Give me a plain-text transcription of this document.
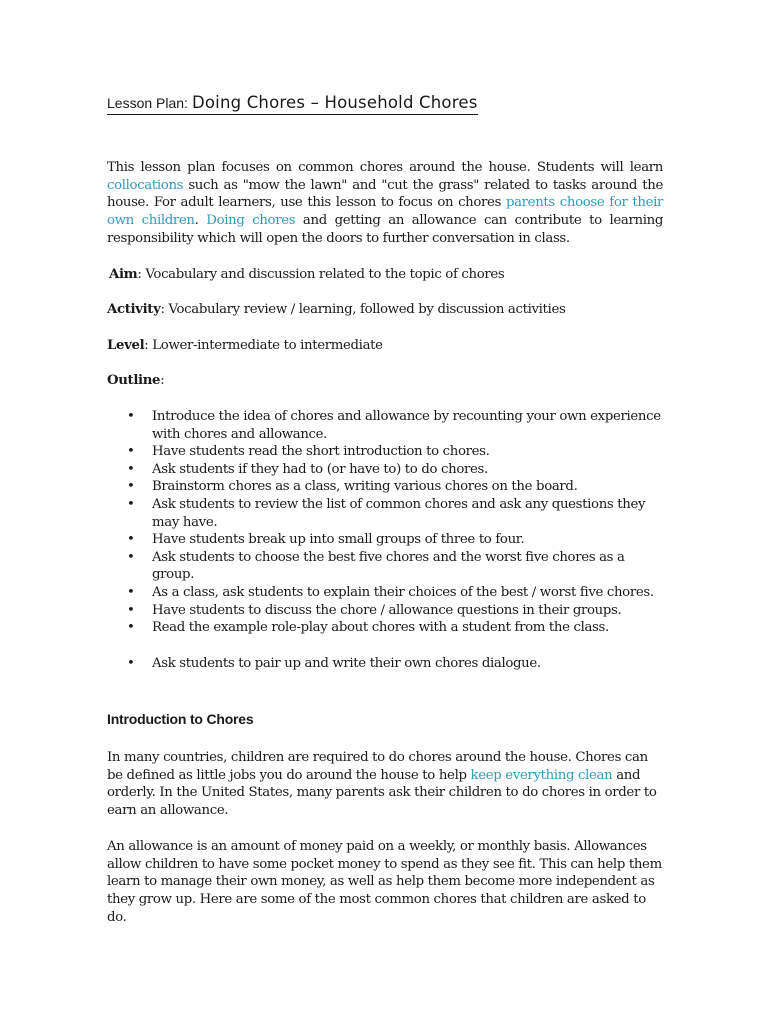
Lesson Plan: Doing Chores – Household Chores
This lesson plan focuses on common chores around the house. Students will learn collocations such as "mow the lawn" and "cut the grass" related to tasks around the house. For adult learners, use this lesson to focus on chores parents choose for their own children. Doing chores and getting an allowance can contribute to learning responsibility which will open the doors to further conversation in class.
Aim: Vocabulary and discussion related to the topic of chores
Activity: Vocabulary review / learning, followed by discussion activities
Level: Lower-intermediate to intermediate
Outline:
• Introduce the idea of chores and allowance by recounting your own experience with chores and allowance.
• Have students read the short introduction to chores.
• Ask students if they had to (or have to) to do chores.
• Brainstorm chores as a class, writing various chores on the board.
• Ask students to review the list of common chores and ask any questions they may have.
• Have students break up into small groups of three to four.
• Ask students to choose the best five chores and the worst five chores as a group.
• As a class, ask students to explain their choices of the best / worst five chores.
• Have students to discuss the chore / allowance questions in their groups.
• Read the example role-play about chores with a student from the class.
• Ask students to pair up and write their own chores dialogue.
Introduction to Chores
In many countries, children are required to do chores around the house. Chores can be defined as little jobs you do around the house to help keep everything clean and orderly. In the United States, many parents ask their children to do chores in order to earn an allowance.
An allowance is an amount of money paid on a weekly, or monthly basis. Allowances allow children to have some pocket money to spend as they see fit. This can help them learn to manage their own money, as well as help them become more independent as they grow up. Here are some of the most common chores that children are asked to do.
